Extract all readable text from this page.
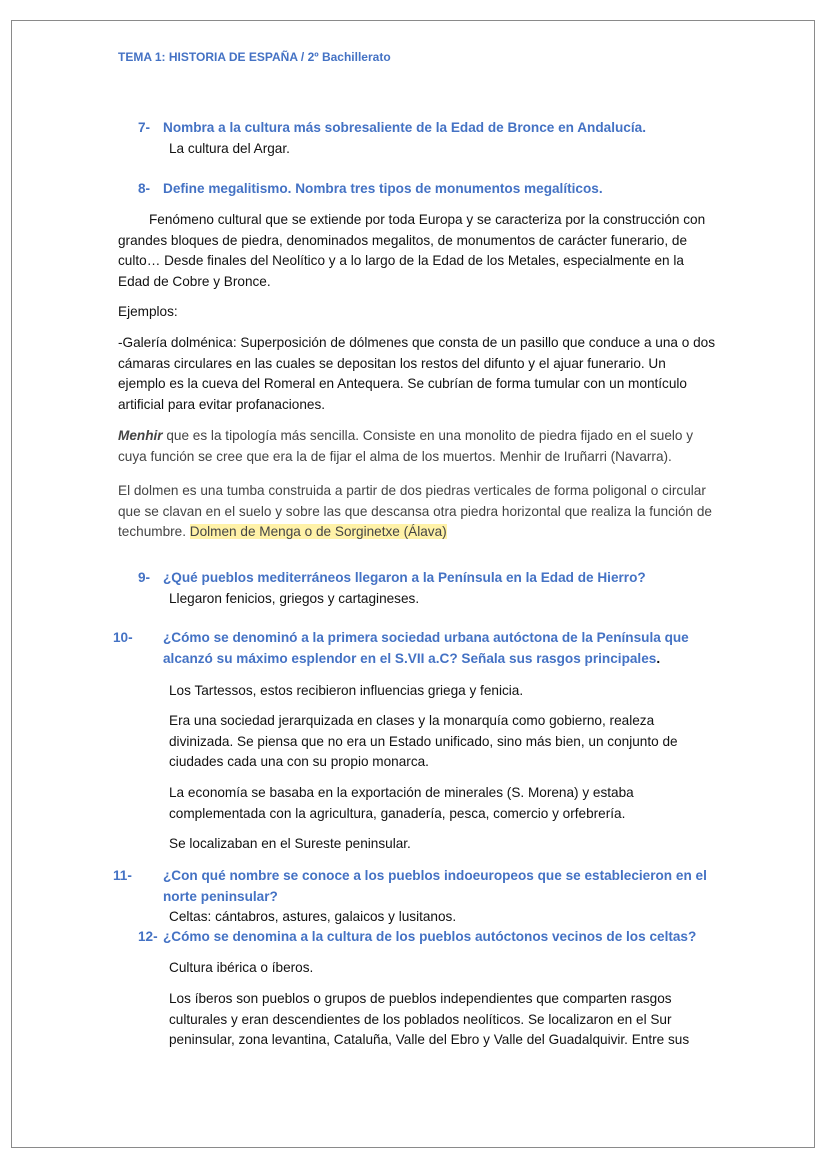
TEMA 1: HISTORIA DE ESPAÑA / 2º Bachillerato
7- Nombra a la cultura más sobresaliente de la Edad de Bronce en Andalucía.
La cultura del Argar.
8- Define megalitismo. Nombra tres tipos de monumentos megalíticos.
Fenómeno cultural que se extiende por toda Europa y se caracteriza por la construcción con grandes bloques de piedra, denominados megalitos, de monumentos de carácter funerario, de culto… Desde finales del Neolítico y a lo largo de la Edad de los Metales, especialmente en la Edad de Cobre y Bronce.
Ejemplos:
-Galería dolménica: Superposición de dólmenes que consta de un pasillo que conduce a una o dos cámaras circulares en las cuales se depositan los restos del difunto y el ajuar funerario. Un ejemplo es la cueva del Romeral en Antequera. Se cubrían de forma tumular con un montículo artificial para evitar profanaciones.
Menhir que es la tipología más sencilla. Consiste en una monolito de piedra fijado en el suelo y cuya función se cree que era la de fijar el alma de los muertos. Menhir de Iruñarri (Navarra).
El dolmen es una tumba construida a partir de dos piedras verticales de forma poligonal o circular que se clavan en el suelo y sobre las que descansa otra piedra horizontal que realiza la función de techumbre. Dolmen de Menga o de Sorginetxe (Álava)
9- ¿Qué pueblos mediterráneos llegaron a la Península en la Edad de Hierro?
Llegaron fenicios, griegos y cartagineses.
10- ¿Cómo se denominó a la primera sociedad urbana autóctona de la Península que alcanzó su máximo esplendor en el S.VII a.C? Señala sus rasgos principales.
Los Tartessos, estos recibieron influencias griega y fenicia.
Era una sociedad jerarquizada en clases y la monarquía como gobierno, realeza divinizada. Se piensa que no era un Estado unificado, sino más bien, un conjunto de ciudades cada una con su propio monarca.
La economía se basaba en la exportación de minerales (S. Morena) y estaba complementada con la agricultura, ganadería, pesca, comercio y orfebrería.
Se localizaban en el Sureste peninsular.
11- ¿Con qué nombre se conoce a los pueblos indoeuropeos que se establecieron en el norte peninsular?
Celtas: cántabros, astures, galaicos y lusitanos.
12- ¿Cómo se denomina a la cultura de los pueblos autóctonos vecinos de los celtas?
Cultura ibérica o íberos.
Los íberos son pueblos o grupos de pueblos independientes que comparten rasgos culturales y eran descendientes de los poblados neolíticos. Se localizaron en el Sur peninsular, zona levantina, Cataluña, Valle del Ebro y Valle del Guadalquivir. Entre sus
